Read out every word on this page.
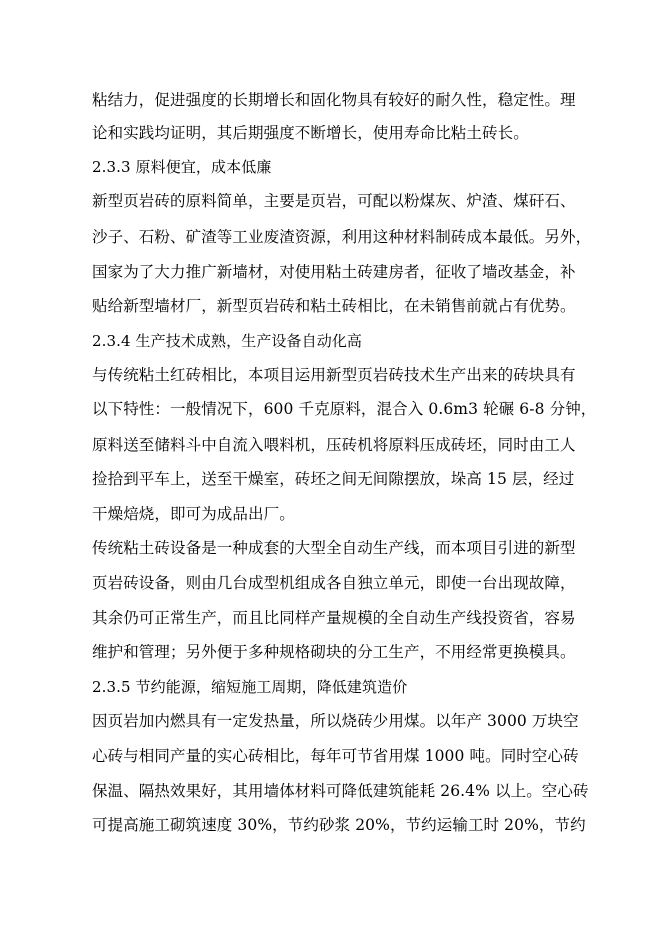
粘结力，促进强度的长期增长和固化物具有较好的耐久性，稳定性。理
论和实践均证明，其后期强度不断增长，使用寿命比粘土砖长。
2.3.3 原料便宜，成本低廉
新型页岩砖的原料简单，主要是页岩，可配以粉煤灰、炉渣、煤矸石、
沙子、石粉、矿渣等工业废渣资源，利用这种材料制砖成本最低。另外，
国家为了大力推广新墙材，对使用粘土砖建房者，征收了墙改基金，补
贴给新型墙材厂，新型页岩砖和粘土砖相比，在未销售前就占有优势。
2.3.4 生产技术成熟，生产设备自动化高
与传统粘土红砖相比，本项目运用新型页岩砖技术生产出来的砖块具有
以下特性：一般情况下，600 千克原料，混合入 0.6m3 轮碾 6-8 分钟，
原料送至储料斗中自流入喂料机，压砖机将原料压成砖坯，同时由工人
捡拾到平车上，送至干燥室，砖坯之间无间隙摆放，垛高 15 层，经过
干燥焙烧，即可为成品出厂。
传统粘土砖设备是一种成套的大型全自动生产线，而本项目引进的新型
页岩砖设备，则由几台成型机组成各自独立单元，即使一台出现故障，
其余仍可正常生产，而且比同样产量规模的全自动生产线投资省，容易
维护和管理；另外便于多种规格砌块的分工生产，不用经常更换模具。
2.3.5 节约能源，缩短施工周期，降低建筑造价
因页岩加内燃具有一定发热量，所以烧砖少用煤。以年产 3000 万块空
心砖与相同产量的实心砖相比，每年可节省用煤 1000 吨。同时空心砖
保温、隔热效果好，其用墙体材料可降低建筑能耗 26.4% 以上。空心砖
可提高施工砌筑速度 30%，节约砂浆 20%，节约运输工时 20%，节约
